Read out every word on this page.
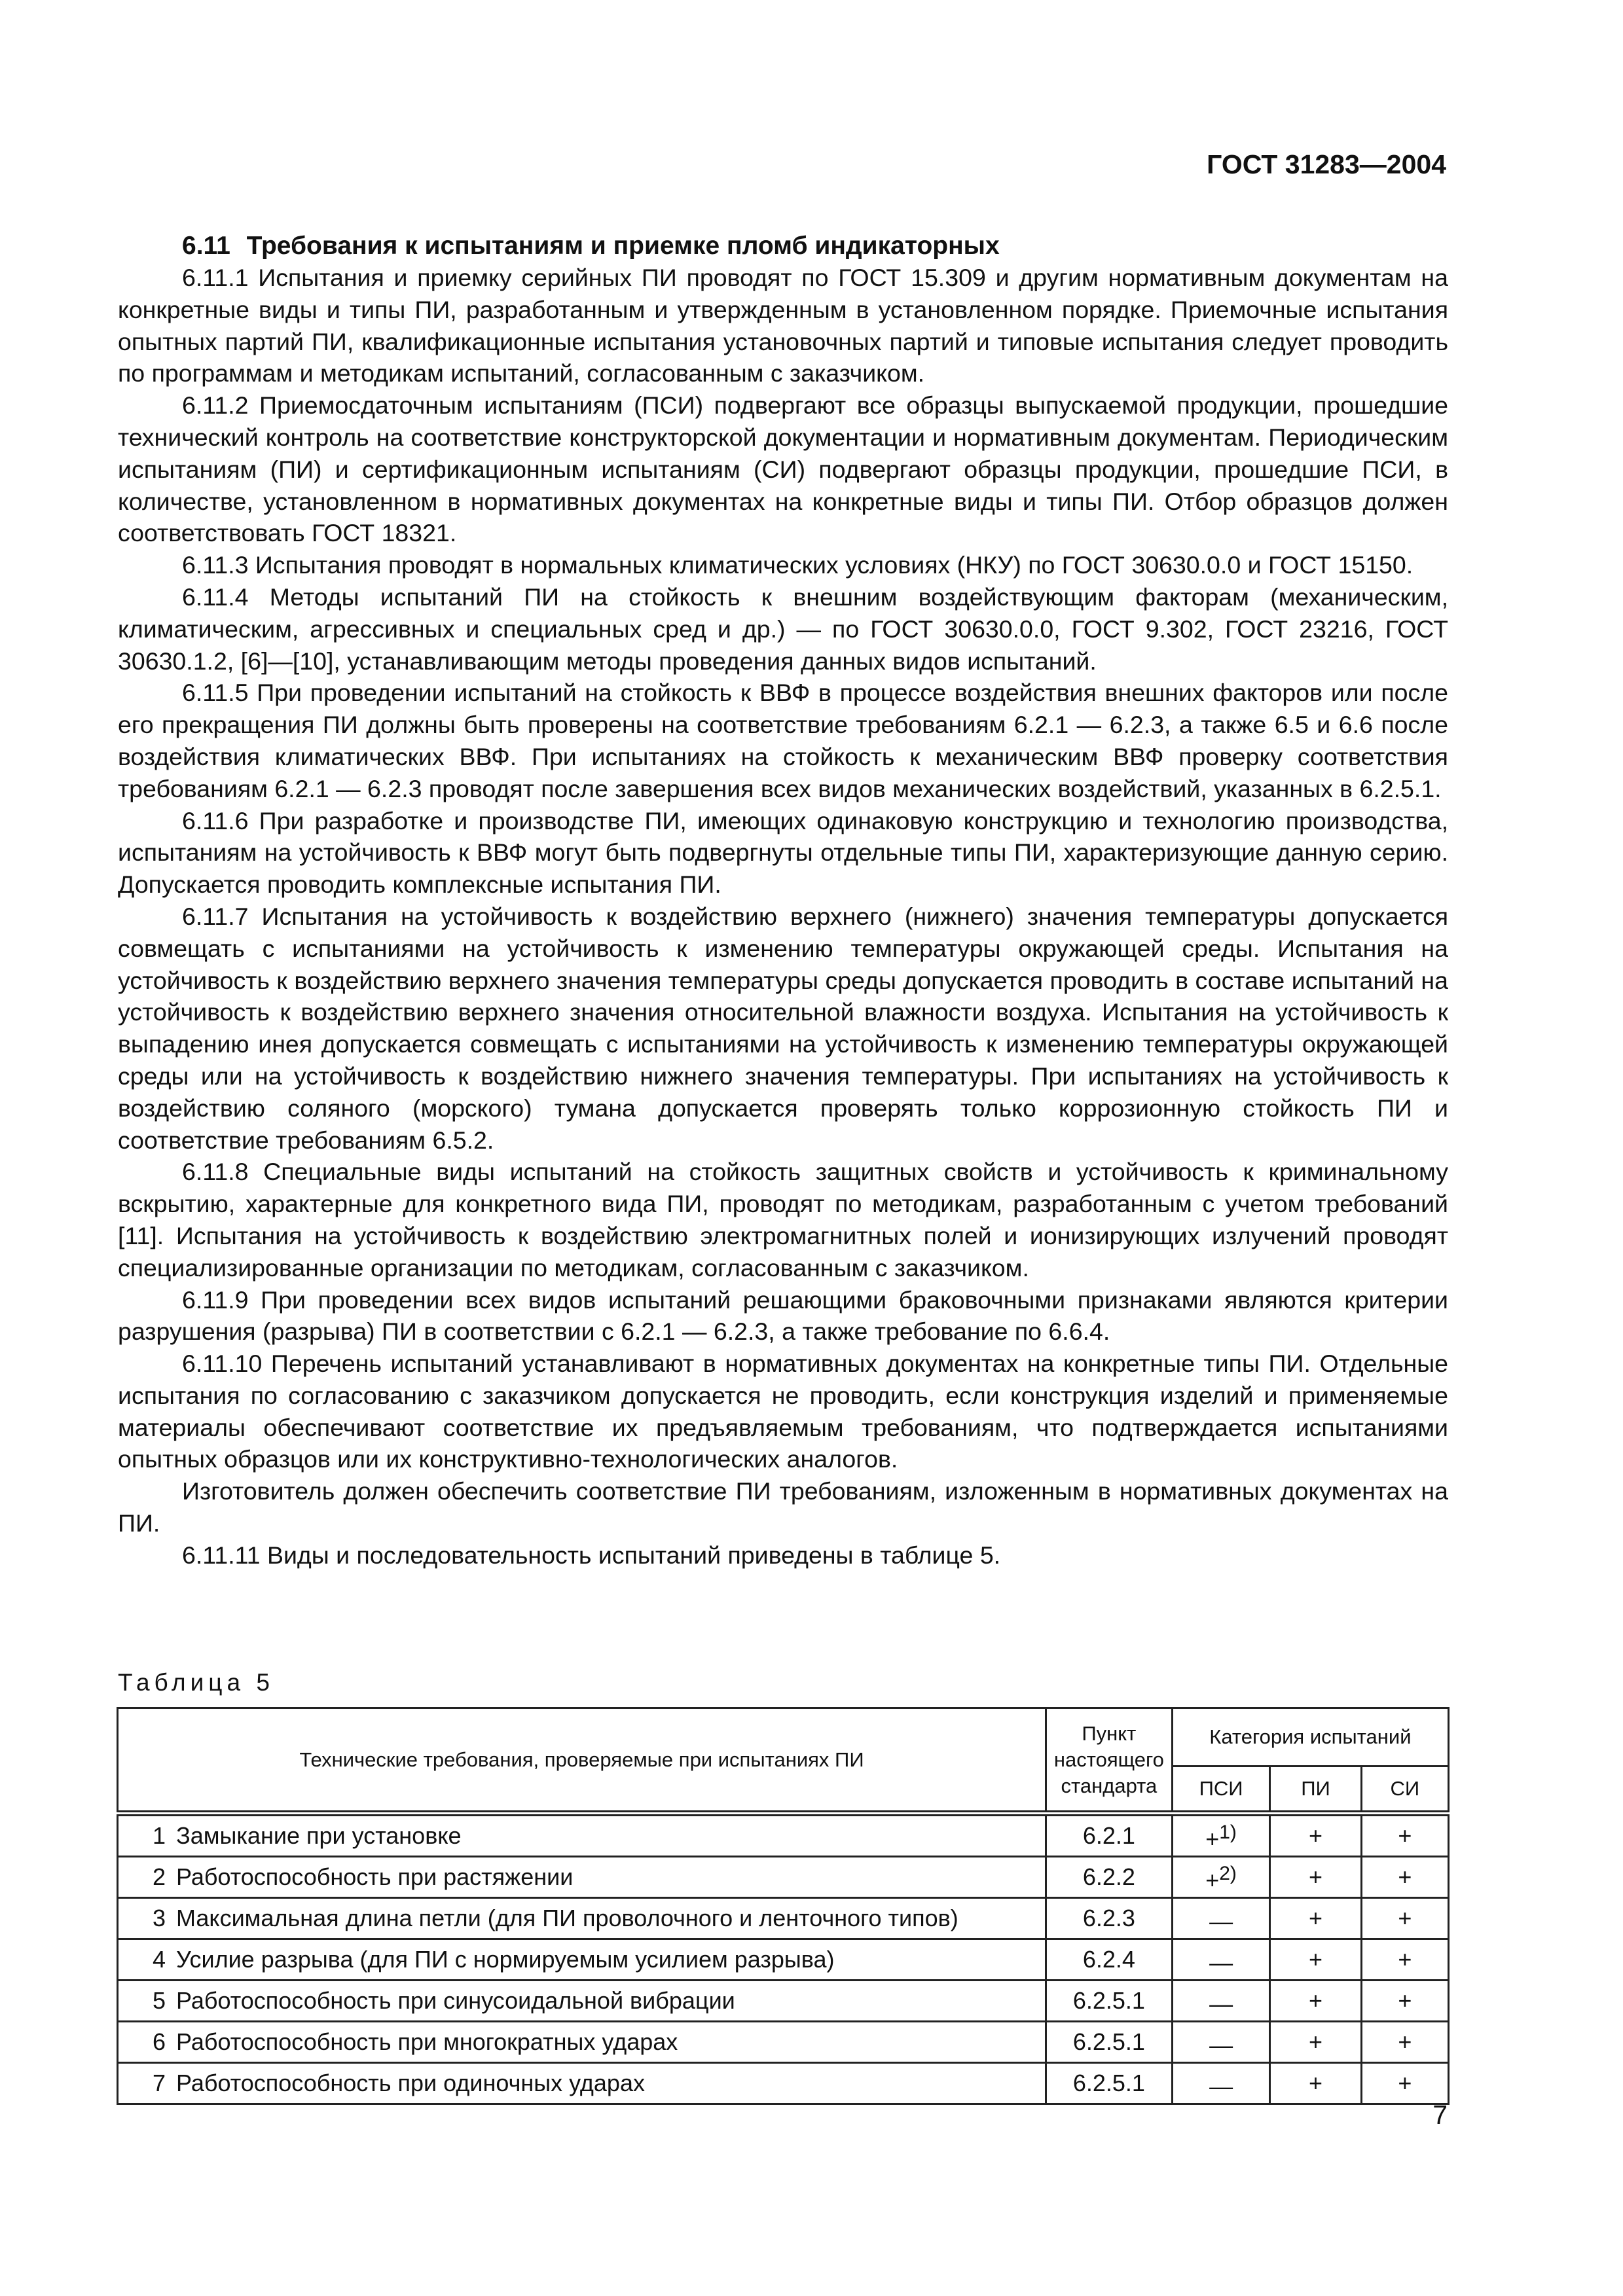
ГОСТ 31283—2004
6.11 Требования к испытаниям и приемке пломб индикаторных

6.11.1 Испытания и приемку серийных ПИ проводят по ГОСТ 15.309 и другим нормативным документам на конкретные виды и типы ПИ, разработанным и утвержденным в установленном порядке. Приемочные испытания опытных партий ПИ, квалификационные испытания установочных партий и типовые испытания следует проводить по программам и методикам испытаний, согласованным с заказчиком.

6.11.2 Приемосдаточным испытаниям (ПСИ) подвергают все образцы выпускаемой продукции, прошедшие технический контроль на соответствие конструкторской документации и нормативным документам. Периодическим испытаниям (ПИ) и сертификационным испытаниям (СИ) подвергают образцы продукции, прошедшие ПСИ, в количестве, установленном в нормативных документах на конкретные виды и типы ПИ. Отбор образцов должен соответствовать ГОСТ 18321.

6.11.3 Испытания проводят в нормальных климатических условиях (НКУ) по ГОСТ 30630.0.0 и ГОСТ 15150.

6.11.4 Методы испытаний ПИ на стойкость к внешним воздействующим факторам (механическим, климатическим, агрессивных и специальных сред и др.) — по ГОСТ 30630.0.0, ГОСТ 9.302, ГОСТ 23216, ГОСТ 30630.1.2, [6]—[10], устанавливающим методы проведения данных видов испытаний.

6.11.5 При проведении испытаний на стойкость к ВВФ в процессе воздействия внешних факторов или после его прекращения ПИ должны быть проверены на соответствие требованиям 6.2.1 — 6.2.3, а также 6.5 и 6.6 после воздействия климатических ВВФ. При испытаниях на стойкость к механическим ВВФ проверку соответствия требованиям 6.2.1 — 6.2.3 проводят после завершения всех видов механических воздействий, указанных в 6.2.5.1.

6.11.6 При разработке и производстве ПИ, имеющих одинаковую конструкцию и технологию производства, испытаниям на устойчивость к ВВФ могут быть подвергнуты отдельные типы ПИ, характеризующие данную серию. Допускается проводить комплексные испытания ПИ.

6.11.7 Испытания на устойчивость к воздействию верхнего (нижнего) значения температуры допускается совмещать с испытаниями на устойчивость к изменению температуры окружающей среды. Испытания на устойчивость к воздействию верхнего значения температуры среды допускается проводить в составе испытаний на устойчивость к воздействию верхнего значения относительной влажности воздуха. Испытания на устойчивость к выпадению инея допускается совмещать с испытаниями на устойчивость к изменению температуры окружающей среды или на устойчивость к воздействию нижнего значения температуры. При испытаниях на устойчивость к воздействию соляного (морского) тумана допускается проверять только коррозионную стойкость ПИ и соответствие требованиям 6.5.2.

6.11.8 Специальные виды испытаний на стойкость защитных свойств и устойчивость к криминальному вскрытию, характерные для конкретного вида ПИ, проводят по методикам, разработанным с учетом требований [11]. Испытания на устойчивость к воздействию электромагнитных полей и ионизирующих излучений проводят специализированные организации по методикам, согласованным с заказчиком.

6.11.9 При проведении всех видов испытаний решающими браковочными признаками являются критерии разрушения (разрыва) ПИ в соответствии с 6.2.1 — 6.2.3, а также требование по 6.6.4.

6.11.10 Перечень испытаний устанавливают в нормативных документах на конкретные типы ПИ. Отдельные испытания по согласованию с заказчиком допускается не проводить, если конструкция изделий и применяемые материалы обеспечивают соответствие их предъявляемым требованиям, что подтверждается испытаниями опытных образцов или их конструктивно-технологических аналогов.

Изготовитель должен обеспечить соответствие ПИ требованиям, изложенным в нормативных документах на ПИ.

6.11.11 Виды и последовательность испытаний приведены в таблице 5.

Таблица 5
Технические требования, проверяемые при испытаниях ПИ	Пункт настоящего стандарта	Категория испытаний		
		ПСИ	ПИ	СИ
1 Замыкание при установке	6.2.1	+$^{1)}$	+	+
2 Работоспособность при растяжении	6.2.2	+$^{2)}$	+	+
3 Максимальная длина петли (для ПИ проволочного и ленточного типов)	6.2.3	—	+	+
4 Усилие разрыва (для ПИ с нормируемым усилием разрыва)	6.2.4	—	+	+
5 Работоспособность при синусоидальной вибрации	6.2.5.1	—	+	+
6 Работоспособность при многократных ударах	6.2.5.1	—	+	+
7 Работоспособность при одиночных ударах	6.2.5.1	—	+	+
7
